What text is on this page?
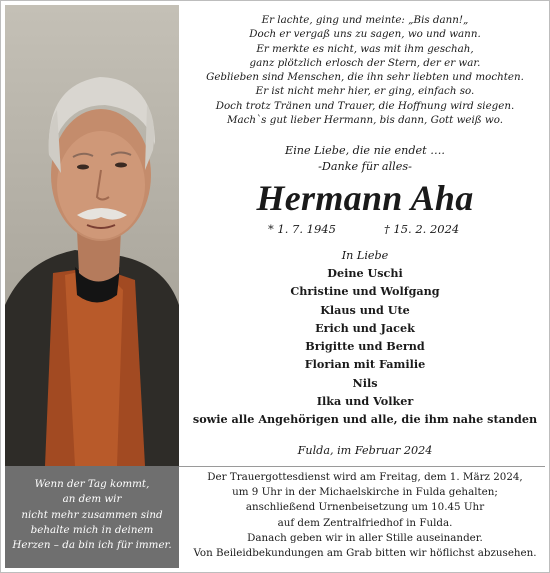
Er lachte, ging und meinte: „Bis dann!„
Doch er vergaß uns zu sagen, wo und wann.
Er merkte es nicht, was mit ihm geschah,
ganz plötzlich erlosch der Stern, der er war.
Geblieben sind Menschen, die ihn sehr liebten und mochten.
Er ist nicht mehr hier, er ging, einfach so.
Doch trotz Tränen und Trauer, die Hoffnung wird siegen.
Mach`s gut lieber Hermann, bis dann, Gott weiß wo.
Eine Liebe, die nie endet ….
-Danke für alles-
Hermann Aha
* 1. 7. 1945	† 15. 2. 2024
In Liebe
Deine Uschi
Christine und Wolfgang
Klaus und Ute
Erich und Jacek
Brigitte und Bernd
Florian mit Familie
Nils
Ilka und Volker
sowie alle Angehörigen und alle, die ihm nahe standen
Fulda, im Februar 2024
Wenn der Tag kommt,
an dem wir
nicht mehr zusammen sind
behalte mich in deinem
Herzen – da bin ich für immer.
Der Trauergottesdienst wird am Freitag, dem 1. März 2024,
um 9 Uhr in der Michaelskirche in Fulda gehalten;
anschließend Urnenbeisetzung um 10.45 Uhr
auf dem Zentralfriedhof in Fulda.
Danach geben wir in aller Stille auseinander.
Von Beileidbekundungen am Grab bitten wir höflichst abzusehen.
